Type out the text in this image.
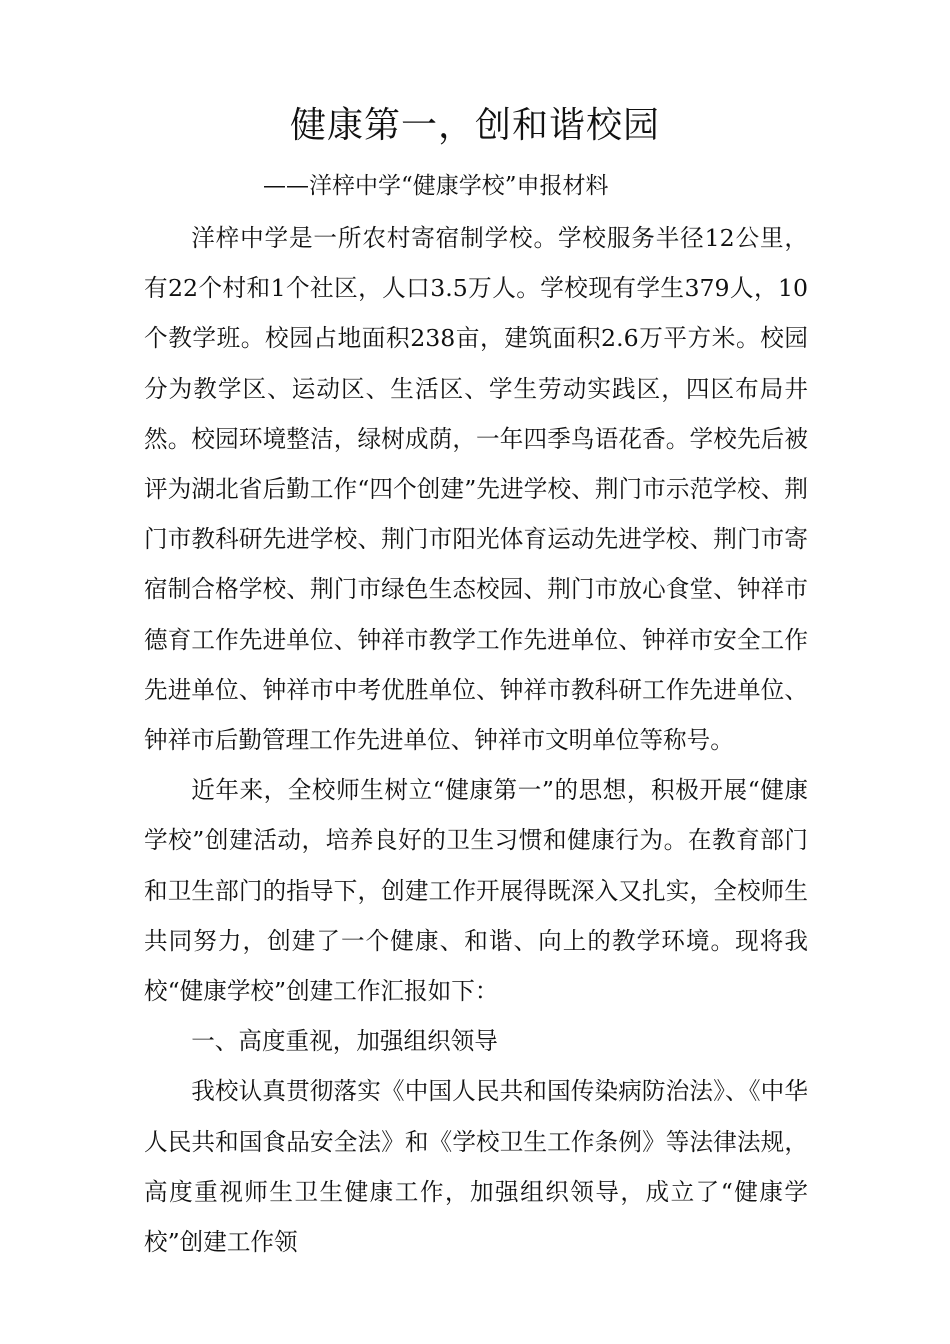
健康第一，创和谐校园
——洋梓中学“健康学校”申报材料

洋梓中学是一所农村寄宿制学校。学校服务半径12公里，有22个村和1个社区，人口3.5万人。学校现有学生379人，10个教学班。校园占地面积238亩，建筑面积2.6万平方米。校园分为教学区、运动区、生活区、学生劳动实践区，四区布局井然。校园环境整洁，绿树成荫，一年四季鸟语花香。学校先后被评为湖北省后勤工作“四个创建”先进学校、荆门市示范学校、荆门市教科研先进学校、荆门市阳光体育运动先进学校、荆门市寄宿制合格学校、荆门市绿色生态校园、荆门市放心食堂、钟祥市德育工作先进单位、钟祥市教学工作先进单位、钟祥市安全工作先进单位、钟祥市中考优胜单位、钟祥市教科研工作先进单位、钟祥市后勤管理工作先进单位、钟祥市文明单位等称号。

近年来，全校师生树立“健康第一”的思想，积极开展“健康学校”创建活动，培养良好的卫生习惯和健康行为。在教育部门和卫生部门的指导下，创建工作开展得既深入又扎实，全校师生共同努力，创建了一个健康、和谐、向上的教学环境。现将我校“健康学校”创建工作汇报如下：

一、高度重视，加强组织领导

我校认真贯彻落实《中国人民共和国传染病防治法》、《中华人民共和国食品安全法》和《学校卫生工作条例》等法律法规，高度重视师生卫生健康工作，加强组织领导，成立了“健康学校”创建工作领
